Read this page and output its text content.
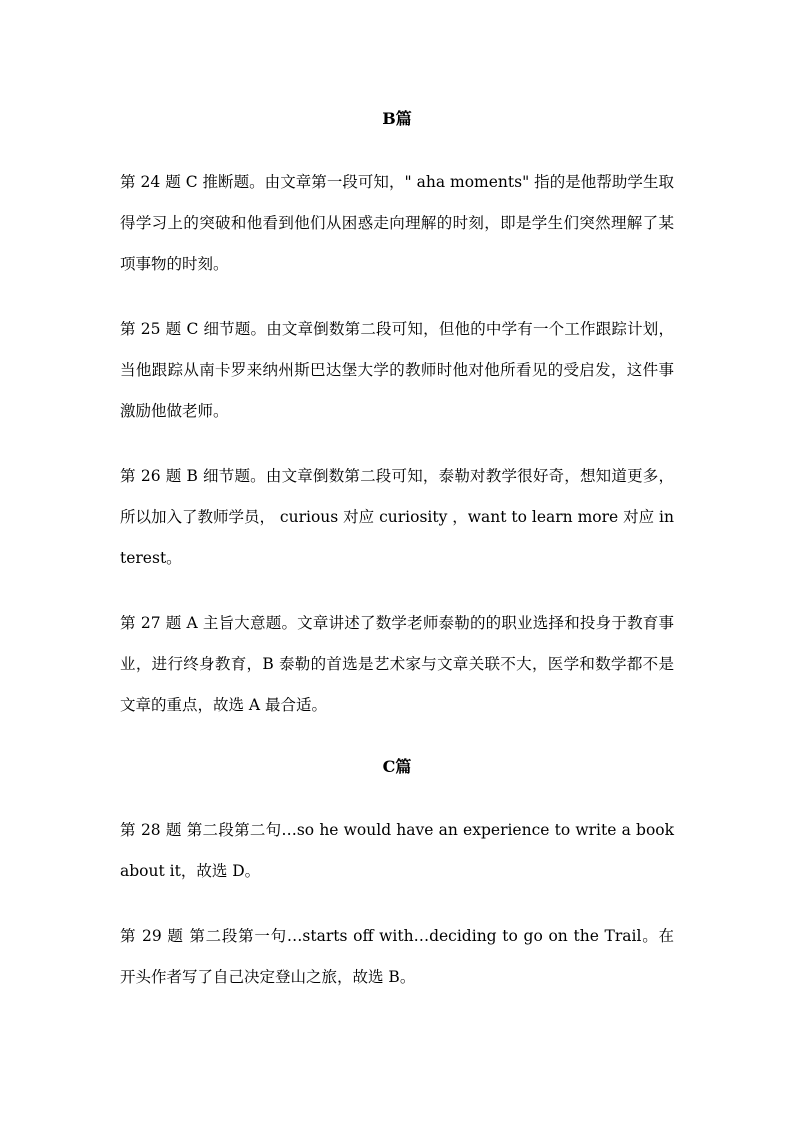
B篇

第 24 题 C 推断题。由文章第一段可知，" aha moments" 指的是他帮助学生取得学习上的突破和他看到他们从困惑走向理解的时刻，即是学生们突然理解了某项事物的时刻。

第 25 题 C 细节题。由文章倒数第二段可知，但他的中学有一个工作跟踪计划，当他跟踪从南卡罗来纳州斯巴达堡大学的教师时他对他所看见的受启发，这件事激励他做老师。

第 26 题 B 细节题。由文章倒数第二段可知，泰勒对教学很好奇，想知道更多，所以加入了教师学员， curious 对应 curiosity ，want to learn more 对应 interest。

第 27 题 A 主旨大意题。文章讲述了数学老师泰勒的的职业选择和投身于教育事业，进行终身教育，B 泰勒的首选是艺术家与文章关联不大，医学和数学都不是文章的重点，故选 A 最合适。

C篇

第 28 题 第二段第二句…so he would have an experience to write a book about it，故选 D。

第 29 题 第二段第一句…starts off with…deciding to go on the Trail。在开头作者写了自己决定登山之旅，故选 B。
